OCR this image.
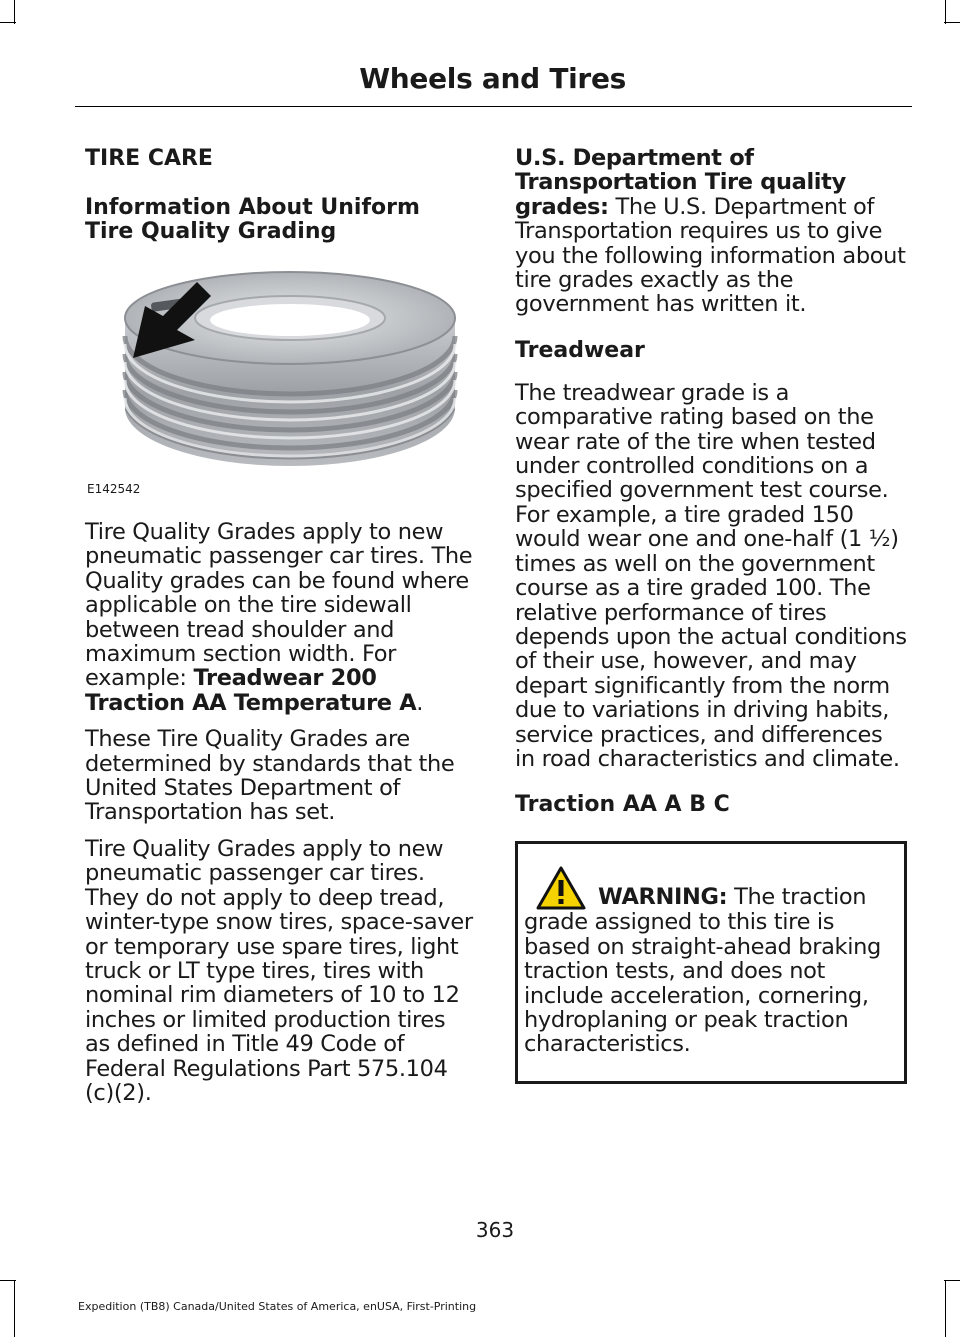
Wheels and Tires
TIRE CARE
Information About Uniform Tire Quality Grading
E142542
Tire Quality Grades apply to new pneumatic passenger car tires. The Quality grades can be found where applicable on the tire sidewall between tread shoulder and maximum section width. For example: Treadwear 200 Traction AA Temperature A.
These Tire Quality Grades are determined by standards that the United States Department of Transportation has set.
Tire Quality Grades apply to new pneumatic passenger car tires. They do not apply to deep tread, winter-type snow tires, space-saver or temporary use spare tires, light truck or LT type tires, tires with nominal rim diameters of 10 to 12 inches or limited production tires as defined in Title 49 Code of Federal Regulations Part 575.104 (c)(2).
U.S. Department of Transportation Tire quality grades: The U.S. Department of Transportation requires us to give you the following information about tire grades exactly as the government has written it.
Treadwear
The treadwear grade is a comparative rating based on the wear rate of the tire when tested under controlled conditions on a specified government test course. For example, a tire graded 150 would wear one and one-half (1 ½) times as well on the government course as a tire graded 100. The relative performance of tires depends upon the actual conditions of their use, however, and may depart significantly from the norm due to variations in driving habits, service practices, and differences in road characteristics and climate.
Traction AA A B C
WARNING: The traction grade assigned to this tire is based on straight-ahead braking traction tests, and does not include acceleration, cornering, hydroplaning or peak traction characteristics.
363
Expedition (TB8) Canada/United States of America, enUSA, First-Printing
